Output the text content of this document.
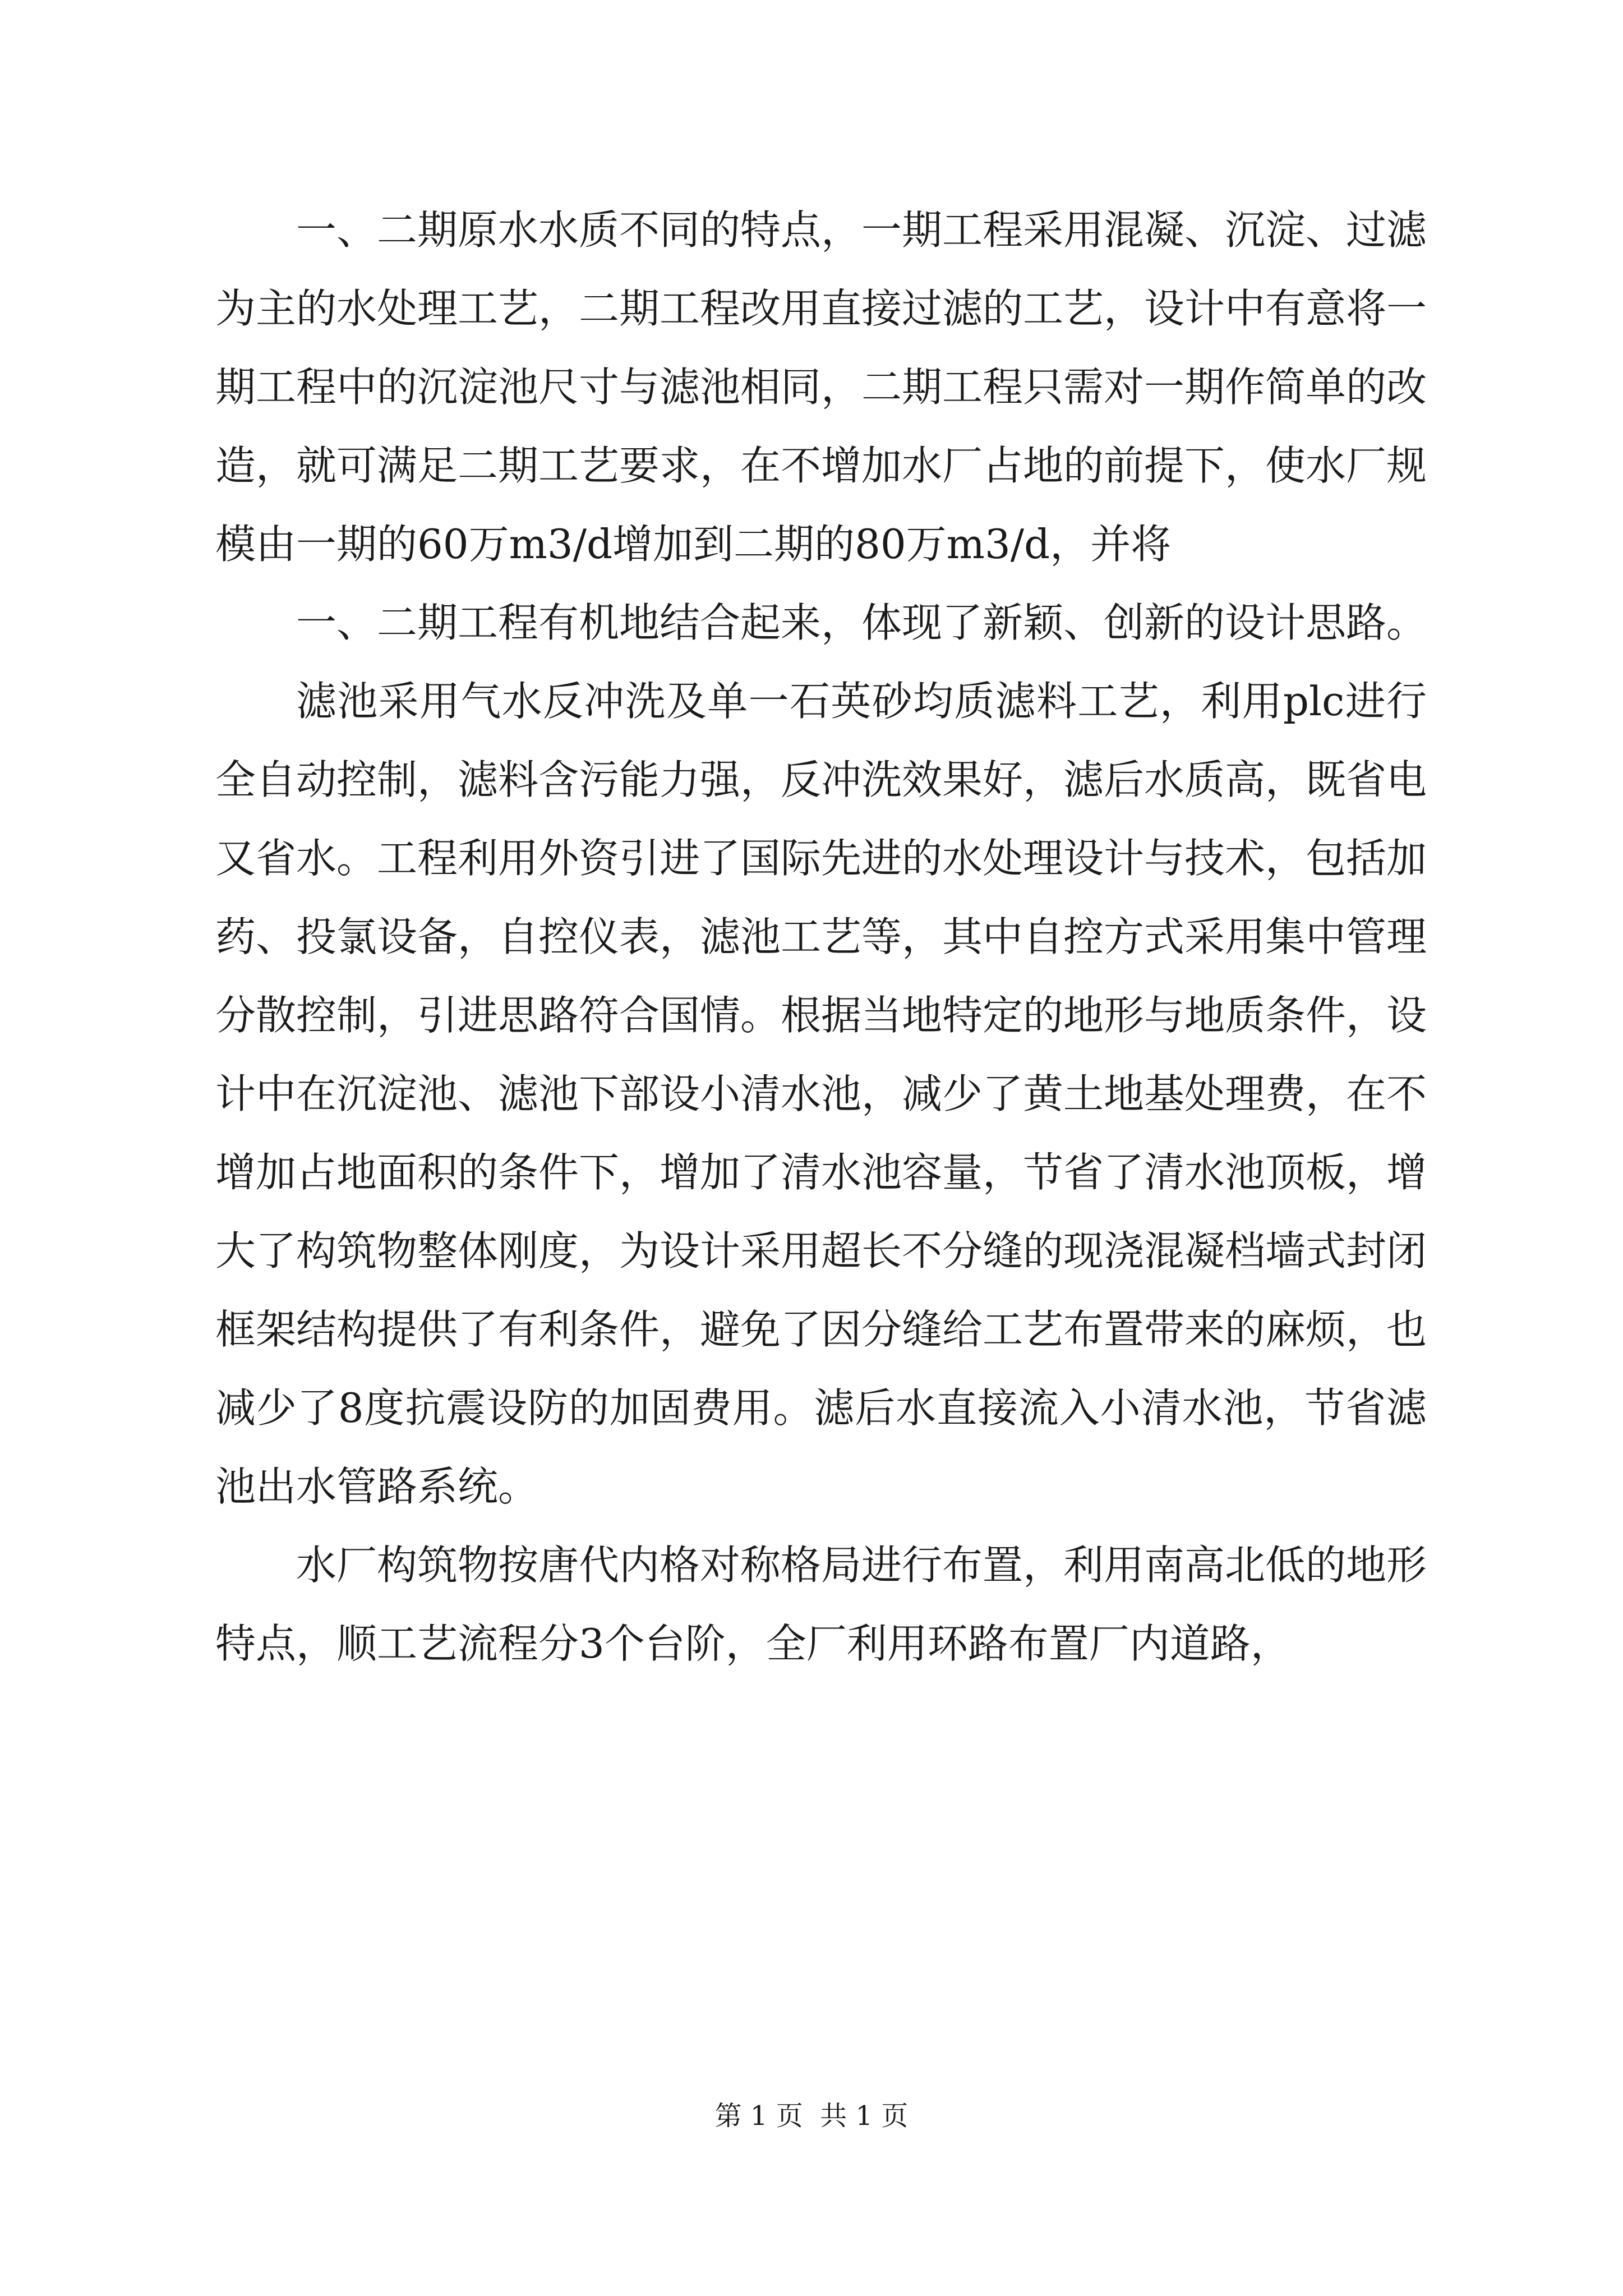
一、二期原水水质不同的特点，一期工程采用混凝、沉淀、过滤为主的水处理工艺，二期工程改用直接过滤的工艺，设计中有意将一期工程中的沉淀池尺寸与滤池相同，二期工程只需对一期作简单的改造，就可满足二期工艺要求，在不增加水厂占地的前提下，使水厂规模由一期的60万m3/d增加到二期的80万m3/d，并将

一、二期工程有机地结合起来，体现了新颖、创新的设计思路。

滤池采用气水反冲洗及单一石英砂均质滤料工艺，利用plc进行全自动控制，滤料含污能力强，反冲洗效果好，滤后水质高，既省电又省水。工程利用外资引进了国际先进的水处理设计与技术，包括加药、投氯设备，自控仪表，滤池工艺等，其中自控方式采用集中管理分散控制，引进思路符合国情。根据当地特定的地形与地质条件，设计中在沉淀池、滤池下部设小清水池，减少了黄土地基处理费，在不增加占地面积的条件下，增加了清水池容量，节省了清水池顶板，增大了构筑物整体刚度，为设计采用超长不分缝的现浇混凝档墙式封闭框架结构提供了有利条件，避免了因分缝给工艺布置带来的麻烦，也减少了8度抗震设防的加固费用。滤后水直接流入小清水池，节省滤池出水管路系统。

水厂构筑物按唐代内格对称格局进行布置，利用南高北低的地形特点，顺工艺流程分3个台阶，全厂利用环路布置厂内道路，

第 1 页  共 1 页
